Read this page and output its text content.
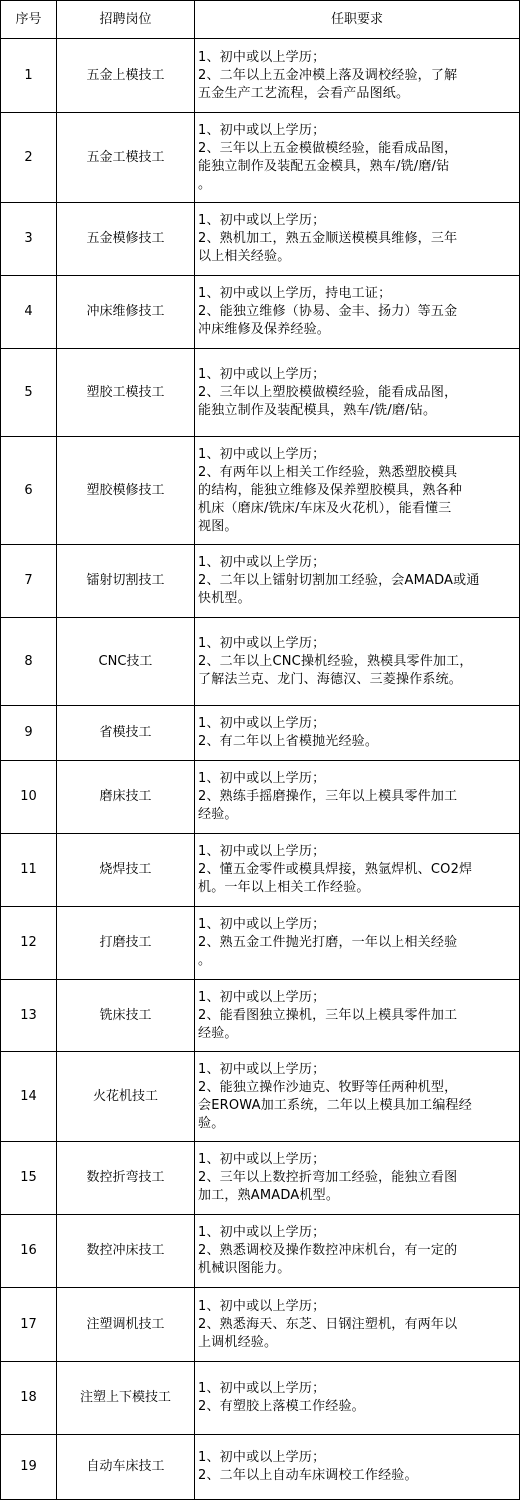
序号	招聘岗位	任职要求
1	五金上模技工	1、初中或以上学历；
2、二年以上五金冲模上落及调校经验，了解
五金生产工艺流程，会看产品图纸。

2	五金工模技工	1、初中或以上学历；
2、三年以上五金模做模经验，能看成品图，
能独立制作及装配五金模具，熟车/铣/磨/钻
。

3	五金模修技工	1、初中或以上学历；
2、熟机加工，熟五金顺送模模具维修，三年
以上相关经验。

4	冲床维修技工	1、初中或以上学历，持电工证；
2、能独立维修（协易、金丰、扬力）等五金
冲床维修及保养经验。

5	塑胶工模技工	1、初中或以上学历；
2、三年以上塑胶模做模经验，能看成品图，
能独立制作及装配模具，熟车/铣/磨/钻。

6	塑胶模修技工	1、初中或以上学历；
2、有两年以上相关工作经验，熟悉塑胶模具
的结构，能独立维修及保养塑胶模具，熟各种
机床（磨床/铣床/车床及火花机），能看懂三
视图。

7	镭射切割技工	1、初中或以上学历；
2、二年以上镭射切割加工经验，会AMADA或通
快机型。

8	CNC技工	1、初中或以上学历；
2、二年以上CNC操机经验，熟模具零件加工，
了解法兰克、龙门、海德汉、三菱操作系统。

9	省模技工	1、初中或以上学历；
2、有二年以上省模抛光经验。

10	磨床技工	1、初中或以上学历；
2、熟练手摇磨操作，三年以上模具零件加工
经验。

11	烧焊技工	1、初中或以上学历；
2、懂五金零件或模具焊接，熟氩焊机、CO2焊
机。一年以上相关工作经验。

12	打磨技工	1、初中或以上学历；
2、熟五金工件抛光打磨，一年以上相关经验
。

13	铣床技工	1、初中或以上学历；
2、能看图独立操机，三年以上模具零件加工
经验。

14	火花机技工	1、初中或以上学历；
2、能独立操作沙迪克、牧野等任两种机型，
会EROWA加工系统，二年以上模具加工编程经
验。

15	数控折弯技工	1、初中或以上学历；
2、三年以上数控折弯加工经验，能独立看图
加工，熟AMADA机型。

16	数控冲床技工	1、初中或以上学历；
2、熟悉调校及操作数控冲床机台，有一定的
机械识图能力。

17	注塑调机技工	1、初中或以上学历；
2、熟悉海天、东芝、日钢注塑机，有两年以
上调机经验。

18	注塑上下模技工	1、初中或以上学历；
2、有塑胶上落模工作经验。

19	自动车床技工	1、初中或以上学历；
2、二年以上自动车床调校工作经验。
